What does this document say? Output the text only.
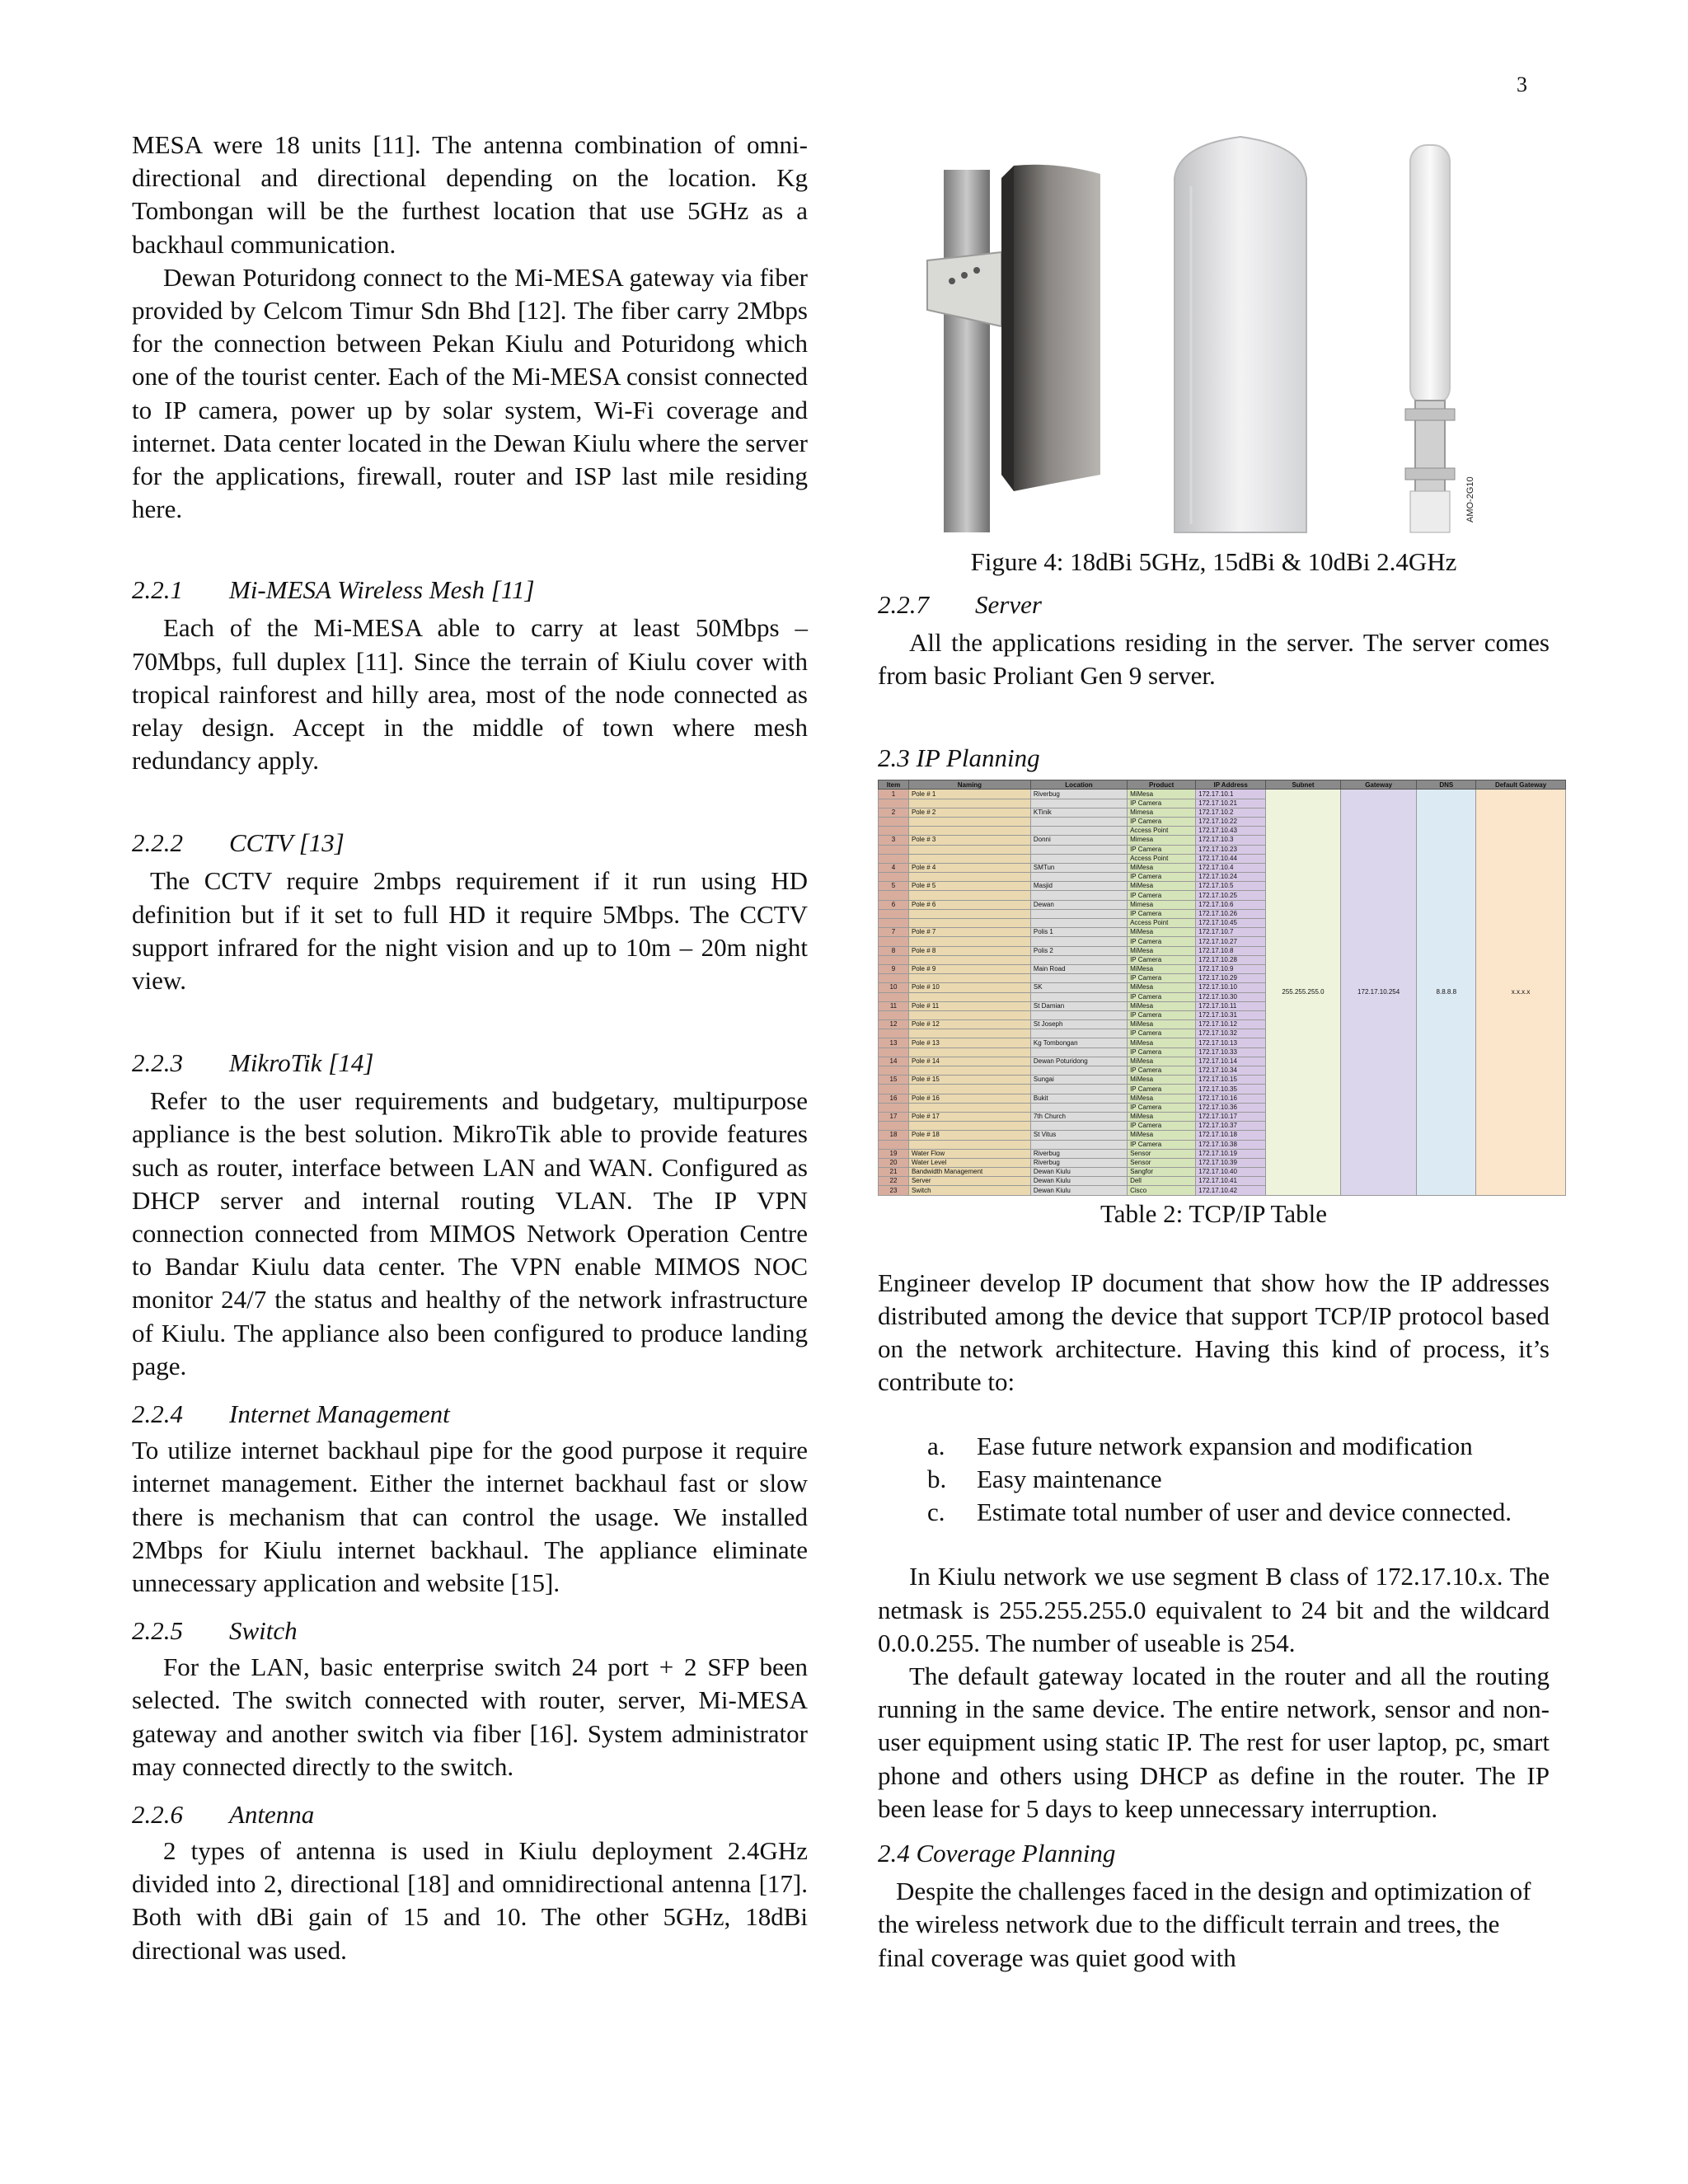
3

MESA were 18 units [11]. The antenna combination of omni-directional and directional depending on the location. Kg Tombongan will be the furthest location that use 5GHz as a backhaul communication.

Dewan Poturidong connect to the Mi-MESA gateway via fiber provided by Celcom Timur Sdn Bhd [12]. The fiber carry 2Mbps for the connection between Pekan Kiulu and Poturidong which one of the tourist center. Each of the Mi-MESA consist connected to IP camera, power up by solar system, Wi-Fi coverage and internet. Data center located in the Dewan Kiulu where the server for the applications, firewall, router and ISP last mile residing here.

2.2.1 Mi-MESA Wireless Mesh [11]

Each of the Mi-MESA able to carry at least 50Mbps – 70Mbps, full duplex [11]. Since the terrain of Kiulu cover with tropical rainforest and hilly area, most of the node connected as relay design. Accept in the middle of town where mesh redundancy apply.

2.2.2 CCTV [13]

The CCTV require 2mbps requirement if it run using HD definition but if it set to full HD it require 5Mbps. The CCTV support infrared for the night vision and up to 10m – 20m night view.

2.2.3 MikroTik [14]

Refer to the user requirements and budgetary, multipurpose appliance is the best solution. MikroTik able to provide features such as router, interface between LAN and WAN. Configured as DHCP server and internal routing VLAN. The IP VPN connection connected from MIMOS Network Operation Centre to Bandar Kiulu data center. The VPN enable MIMOS NOC monitor 24/7 the status and healthy of the network infrastructure of Kiulu. The appliance also been configured to produce landing page.

2.2.4 Internet Management

To utilize internet backhaul pipe for the good purpose it require internet management. Either the internet backhaul fast or slow there is mechanism that can control the usage. We installed 2Mbps for Kiulu internet backhaul. The appliance eliminate unnecessary application and website [15].

2.2.5 Switch

For the LAN, basic enterprise switch 24 port + 2 SFP been selected. The switch connected with router, server, Mi-MESA gateway and another switch via fiber [16]. System administrator may connected directly to the switch.

2.2.6 Antenna

2 types of antenna is used in Kiulu deployment 2.4GHz divided into 2, directional [18] and omnidirectional antenna [17]. Both with dBi gain of 15 and 10. The other 5GHz, 18dBi directional was used.

AMO-2G10
Figure 4: 18dBi 5GHz, 15dBi & 10dBi 2.4GHz
2.2.7 Server

All the applications residing in the server. The server comes from basic Proliant Gen 9 server.

2.3 IP Planning
Item	Naming	Location	Product	IP Address	Subnet	Gateway	DNS	Default Gateway
1	Pole # 1	Riverbug	MiMesa	172.17.10.1	255.255.255.0	172.17.10.254	8.8.8.8	x.x.x.x
			IP Camera	172.17.10.21				
2	Pole # 2	KTinik	Mimesa	172.17.10.2				
			IP Camera	172.17.10.22				
			Access Point	172.17.10.43				
3	Pole # 3	Donni	Mimesa	172.17.10.3				
			IP Camera	172.17.10.23				
			Access Point	172.17.10.44				
4	Pole # 4	SMTun	MiMesa	172.17.10.4				
			IP Camera	172.17.10.24				
5	Pole # 5	Masjid	MiMesa	172.17.10.5				
			IP Camera	172.17.10.25				
6	Pole # 6	Dewan	Mimesa	172.17.10.6				
			IP Camera	172.17.10.26				
			Access Point	172.17.10.45				
7	Pole # 7	Polis 1	MiMesa	172.17.10.7				
			IP Camera	172.17.10.27				
8	Pole # 8	Polis 2	MiMesa	172.17.10.8				
			IP Camera	172.17.10.28				
9	Pole # 9	Main Road	MiMesa	172.17.10.9				
			IP Camera	172.17.10.29				
10	Pole # 10	SK	MiMesa	172.17.10.10				
			IP Camera	172.17.10.30				
11	Pole # 11	St Damian	MiMesa	172.17.10.11				
			IP Camera	172.17.10.31				
12	Pole # 12	St Joseph	MiMesa	172.17.10.12				
			IP Camera	172.17.10.32				
13	Pole # 13	Kg Tombongan	MiMesa	172.17.10.13				
			IP Camera	172.17.10.33				
14	Pole # 14	Dewan Poturidong	MiMesa	172.17.10.14				
			IP Camera	172.17.10.34				
15	Pole # 15	Sungai	MiMesa	172.17.10.15				
			IP Camera	172.17.10.35				
16	Pole # 16	Bukit	MiMesa	172.17.10.16				
			IP Camera	172.17.10.36				
17	Pole # 17	7th Church	MiMesa	172.17.10.17				
			IP Camera	172.17.10.37				
18	Pole # 18	St Vitus	MiMesa	172.17.10.18				
			IP Camera	172.17.10.38				
19	Water Flow	Riverbug	Sensor	172.17.10.19				
20	Water Level	Riverbug	Sensor	172.17.10.39				
21	Bandwidth Management	Dewan Kiulu	Sangfor	172.17.10.40				
22	Server	Dewan Kiulu	Dell	172.17.10.41				
23	Switch	Dewan Kiulu	Cisco	172.17.10.42				
Table 2: TCP/IP Table

Engineer develop IP document that show how the IP addresses distributed among the device that support TCP/IP protocol based on the network architecture. Having this kind of process, it’s contribute to:

a. Ease future network expansion and modification
b. Easy maintenance
c. Estimate total number of user and device connected.

In Kiulu network we use segment B class of 172.17.10.x. The netmask is 255.255.255.0 equivalent to 24 bit and the wildcard 0.0.0.255. The number of useable is 254.

The default gateway located in the router and all the routing running in the same device. The entire network, sensor and non-user equipment using static IP. The rest for user laptop, pc, smart phone and others using DHCP as define in the router. The IP been lease for 5 days to keep unnecessary interruption.

2.4 Coverage Planning

Despite the challenges faced in the design and optimization of the wireless network due to the difficult terrain and trees, the final coverage was quiet good with
